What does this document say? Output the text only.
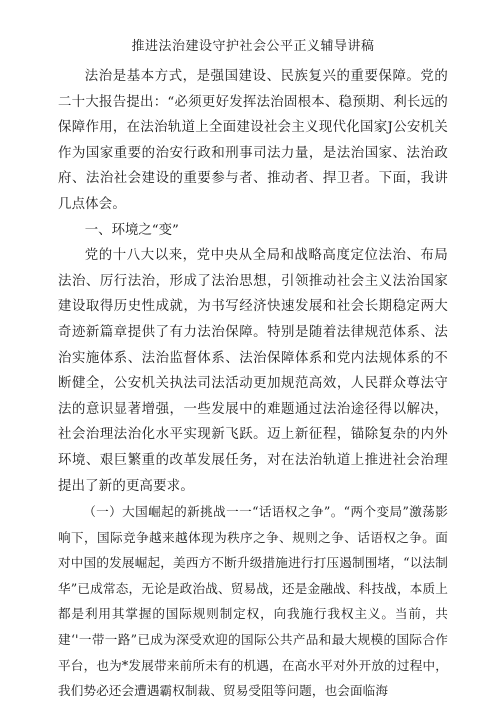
推进法治建设守护社会公平正义辅导讲稿

法治是基本方式，是强国建设、民族复兴的重要保障。党的二十大报告提出：“必须更好发挥法治固根本、稳预期、利长远的保障作用，在法治轨道上全面建设社会主义现代化国家J公安机关作为国家重要的治安行政和刑事司法力量，是法治国家、法治政府、法治社会建设的重要参与者、推动者、捍卫者。下面，我讲几点体会。

一、环境之“变”

党的十八大以来，党中央从全局和战略高度定位法治、布局法治、厉行法治，形成了法治思想，引领推动社会主义法治国家建设取得历史性成就，为书写经济快速发展和社会长期稳定两大奇迹新篇章提供了有力法治保障。特别是随着法律规范体系、法治实施体系、法治监督体系、法治保障体系和党内法规体系的不断健全，公安机关执法司法活动更加规范高效，人民群众尊法守法的意识显著增强，一些发展中的难题通过法治途径得以解决，社会治理法治化水平实现新飞跃。迈上新征程，锚除复杂的内外环境、艰巨繁重的改革发展任务，对在法治轨道上推进社会治理提出了新的更高要求。

（一）大国崛起的新挑战一一“话语权之争”。“两个变局”激荡影响下，国际竞争越来越体现为秩序之争、规则之争、话语权之争。面对中国的发展崛起，美西方不断升级措施进行打压遏制围堵，“以法制华”已成常态，无论是政治战、贸易战，还是金融战、科技战，本质上都是利用其掌握的国际规则制定权，向我施行我权主义。当前，共建‘'一带一路”已成为深受欢迎的国际公共产品和最大规模的国际合作平台，也为*发展带来前所未有的机遇，在高水平对外开放的过程中，我们势必还会遭遇霸权制裁、贸易受阻等问题，也会面临海
